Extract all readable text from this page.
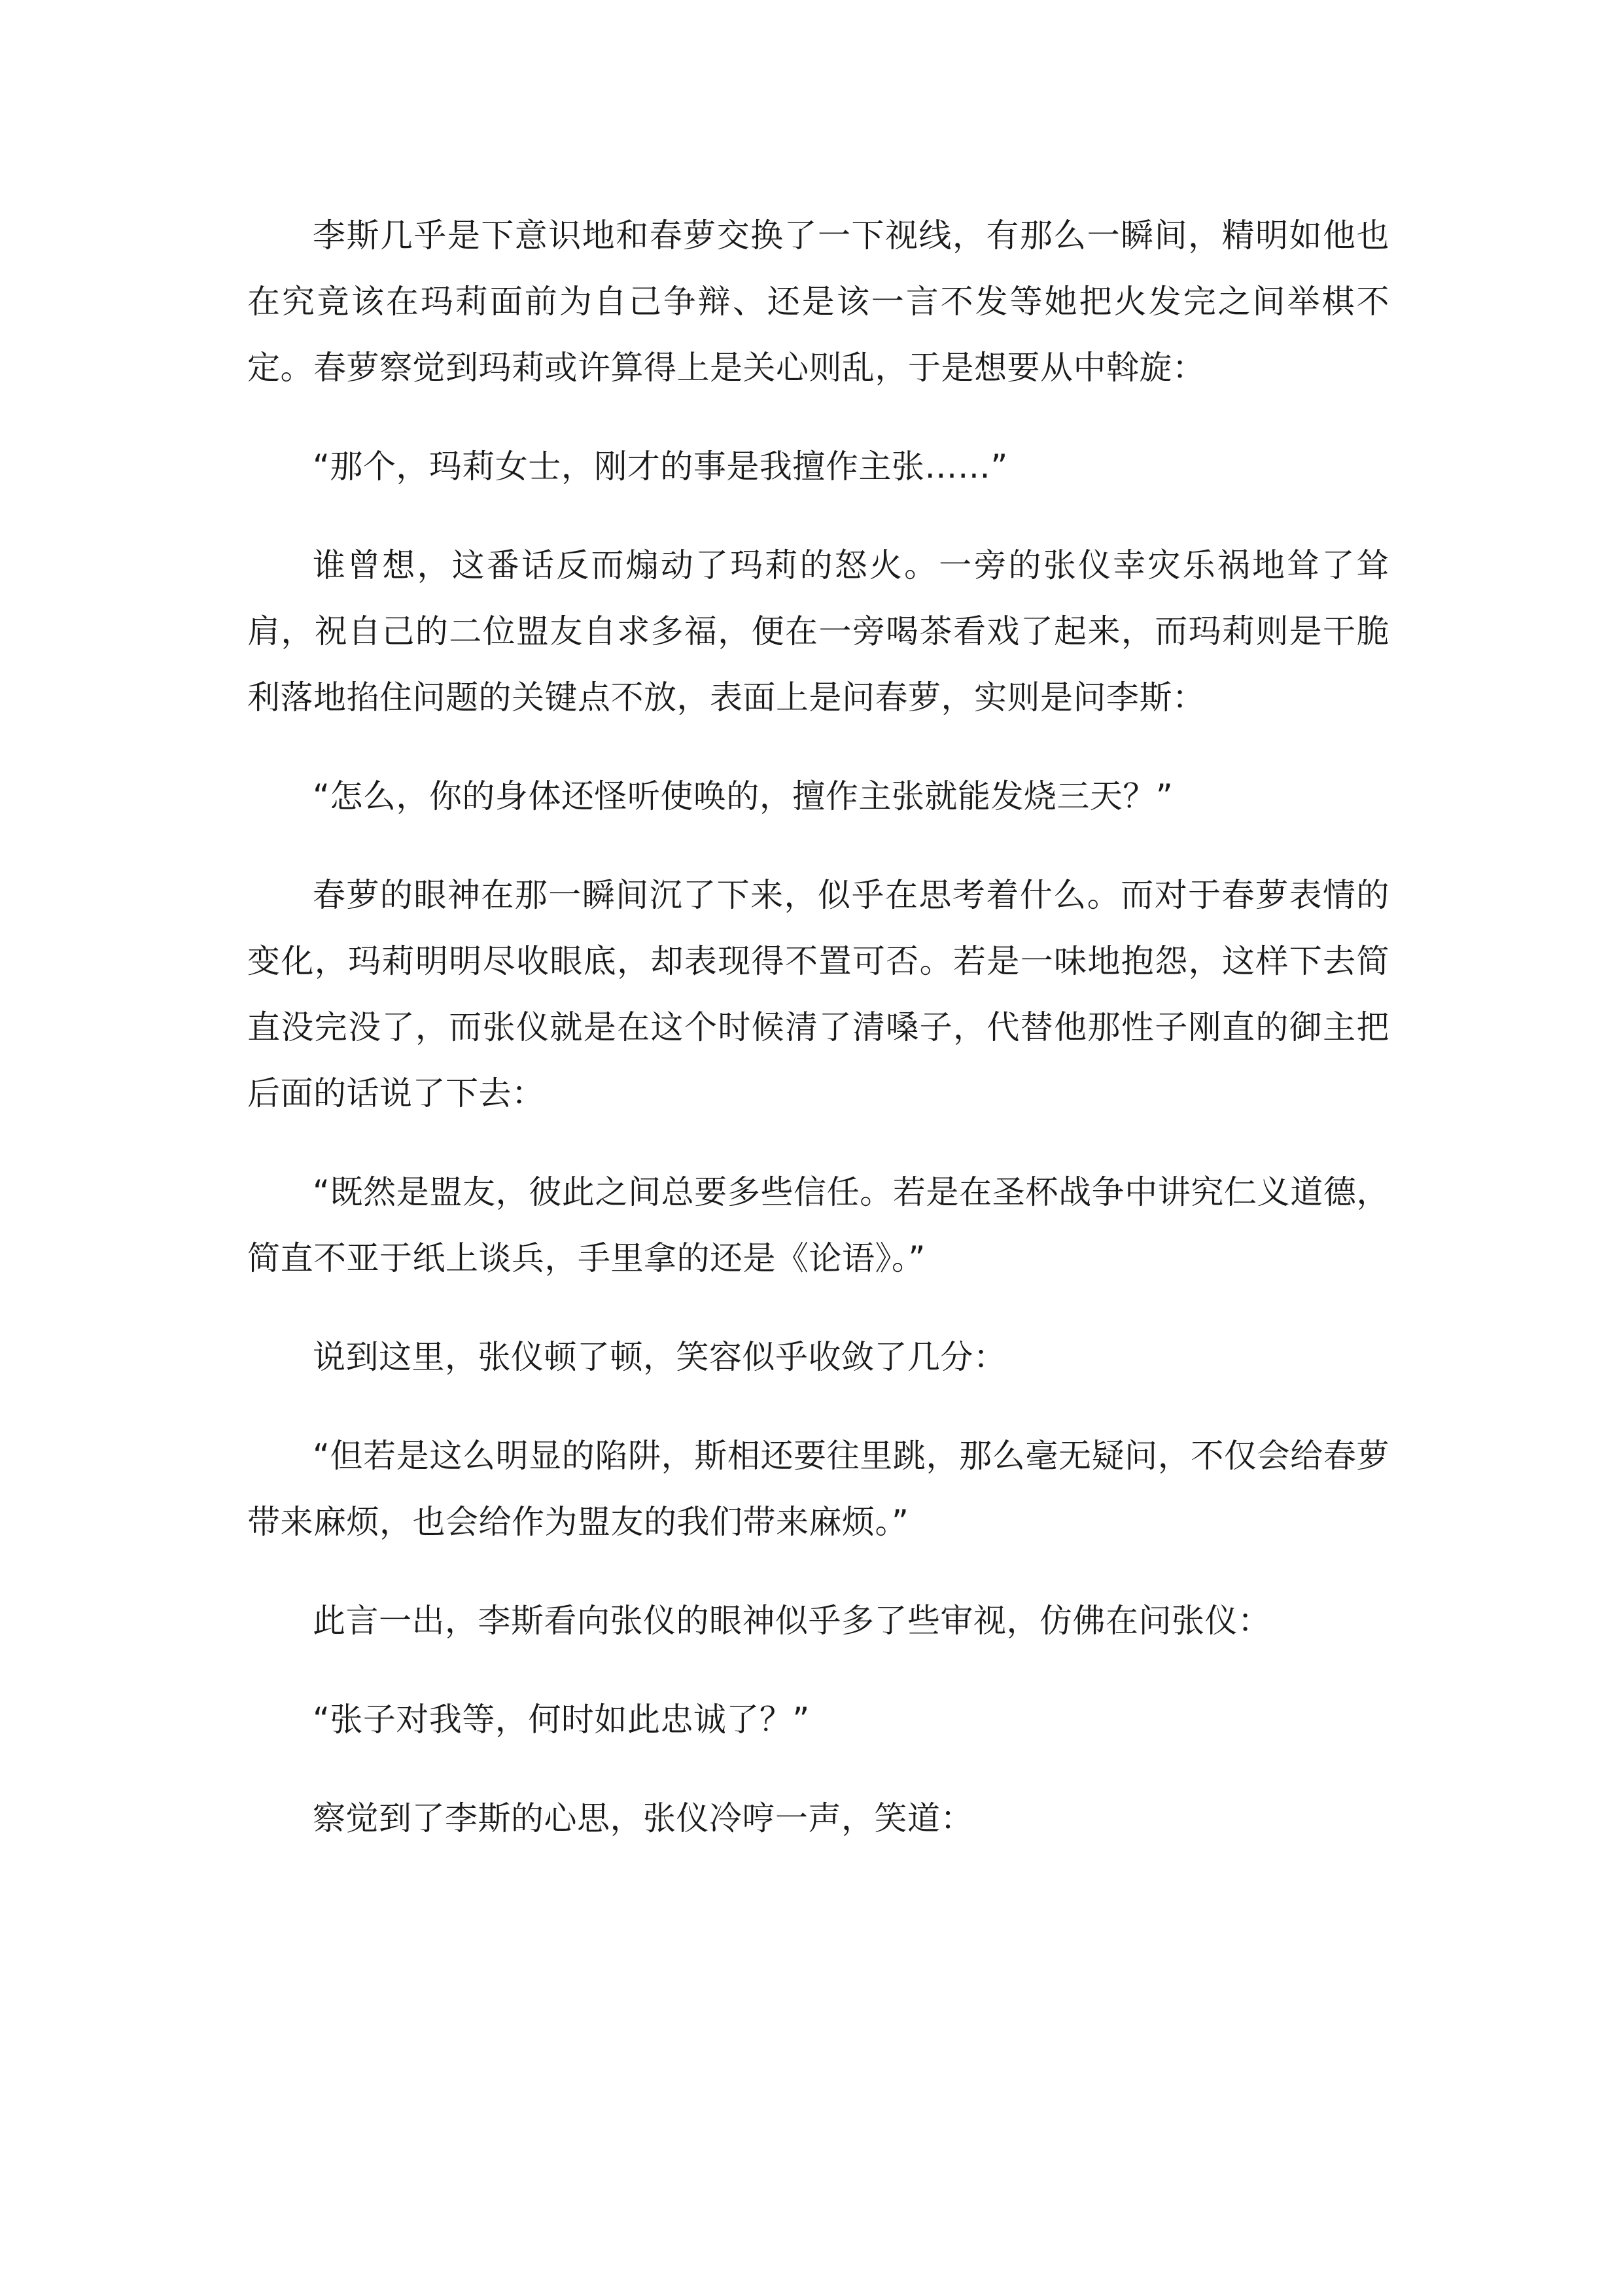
李斯几乎是下意识地和春萝交换了一下视线，有那么一瞬间，精明如他也在究竟该在玛莉面前为自己争辩、还是该一言不发等她把火发完之间举棋不定。春萝察觉到玛莉或许算得上是关心则乱，于是想要从中斡旋：

“那个，玛莉女士，刚才的事是我擅作主张……”

谁曾想，这番话反而煽动了玛莉的怒火。一旁的张仪幸灾乐祸地耸了耸肩，祝自己的二位盟友自求多福，便在一旁喝茶看戏了起来，而玛莉则是干脆利落地掐住问题的关键点不放，表面上是问春萝，实则是问李斯：

“怎么，你的身体还怪听使唤的，擅作主张就能发烧三天？”

春萝的眼神在那一瞬间沉了下来，似乎在思考着什么。而对于春萝表情的变化，玛莉明明尽收眼底，却表现得不置可否。若是一味地抱怨，这样下去简直没完没了，而张仪就是在这个时候清了清嗓子，代替他那性子刚直的御主把后面的话说了下去：

“既然是盟友，彼此之间总要多些信任。若是在圣杯战争中讲究仁义道德，简直不亚于纸上谈兵，手里拿的还是《论语》。”

说到这里，张仪顿了顿，笑容似乎收敛了几分：

“但若是这么明显的陷阱，斯相还要往里跳，那么毫无疑问，不仅会给春萝带来麻烦，也会给作为盟友的我们带来麻烦。”

此言一出，李斯看向张仪的眼神似乎多了些审视，仿佛在问张仪：

“张子对我等，何时如此忠诚了？”

察觉到了李斯的心思，张仪冷哼一声，笑道：
